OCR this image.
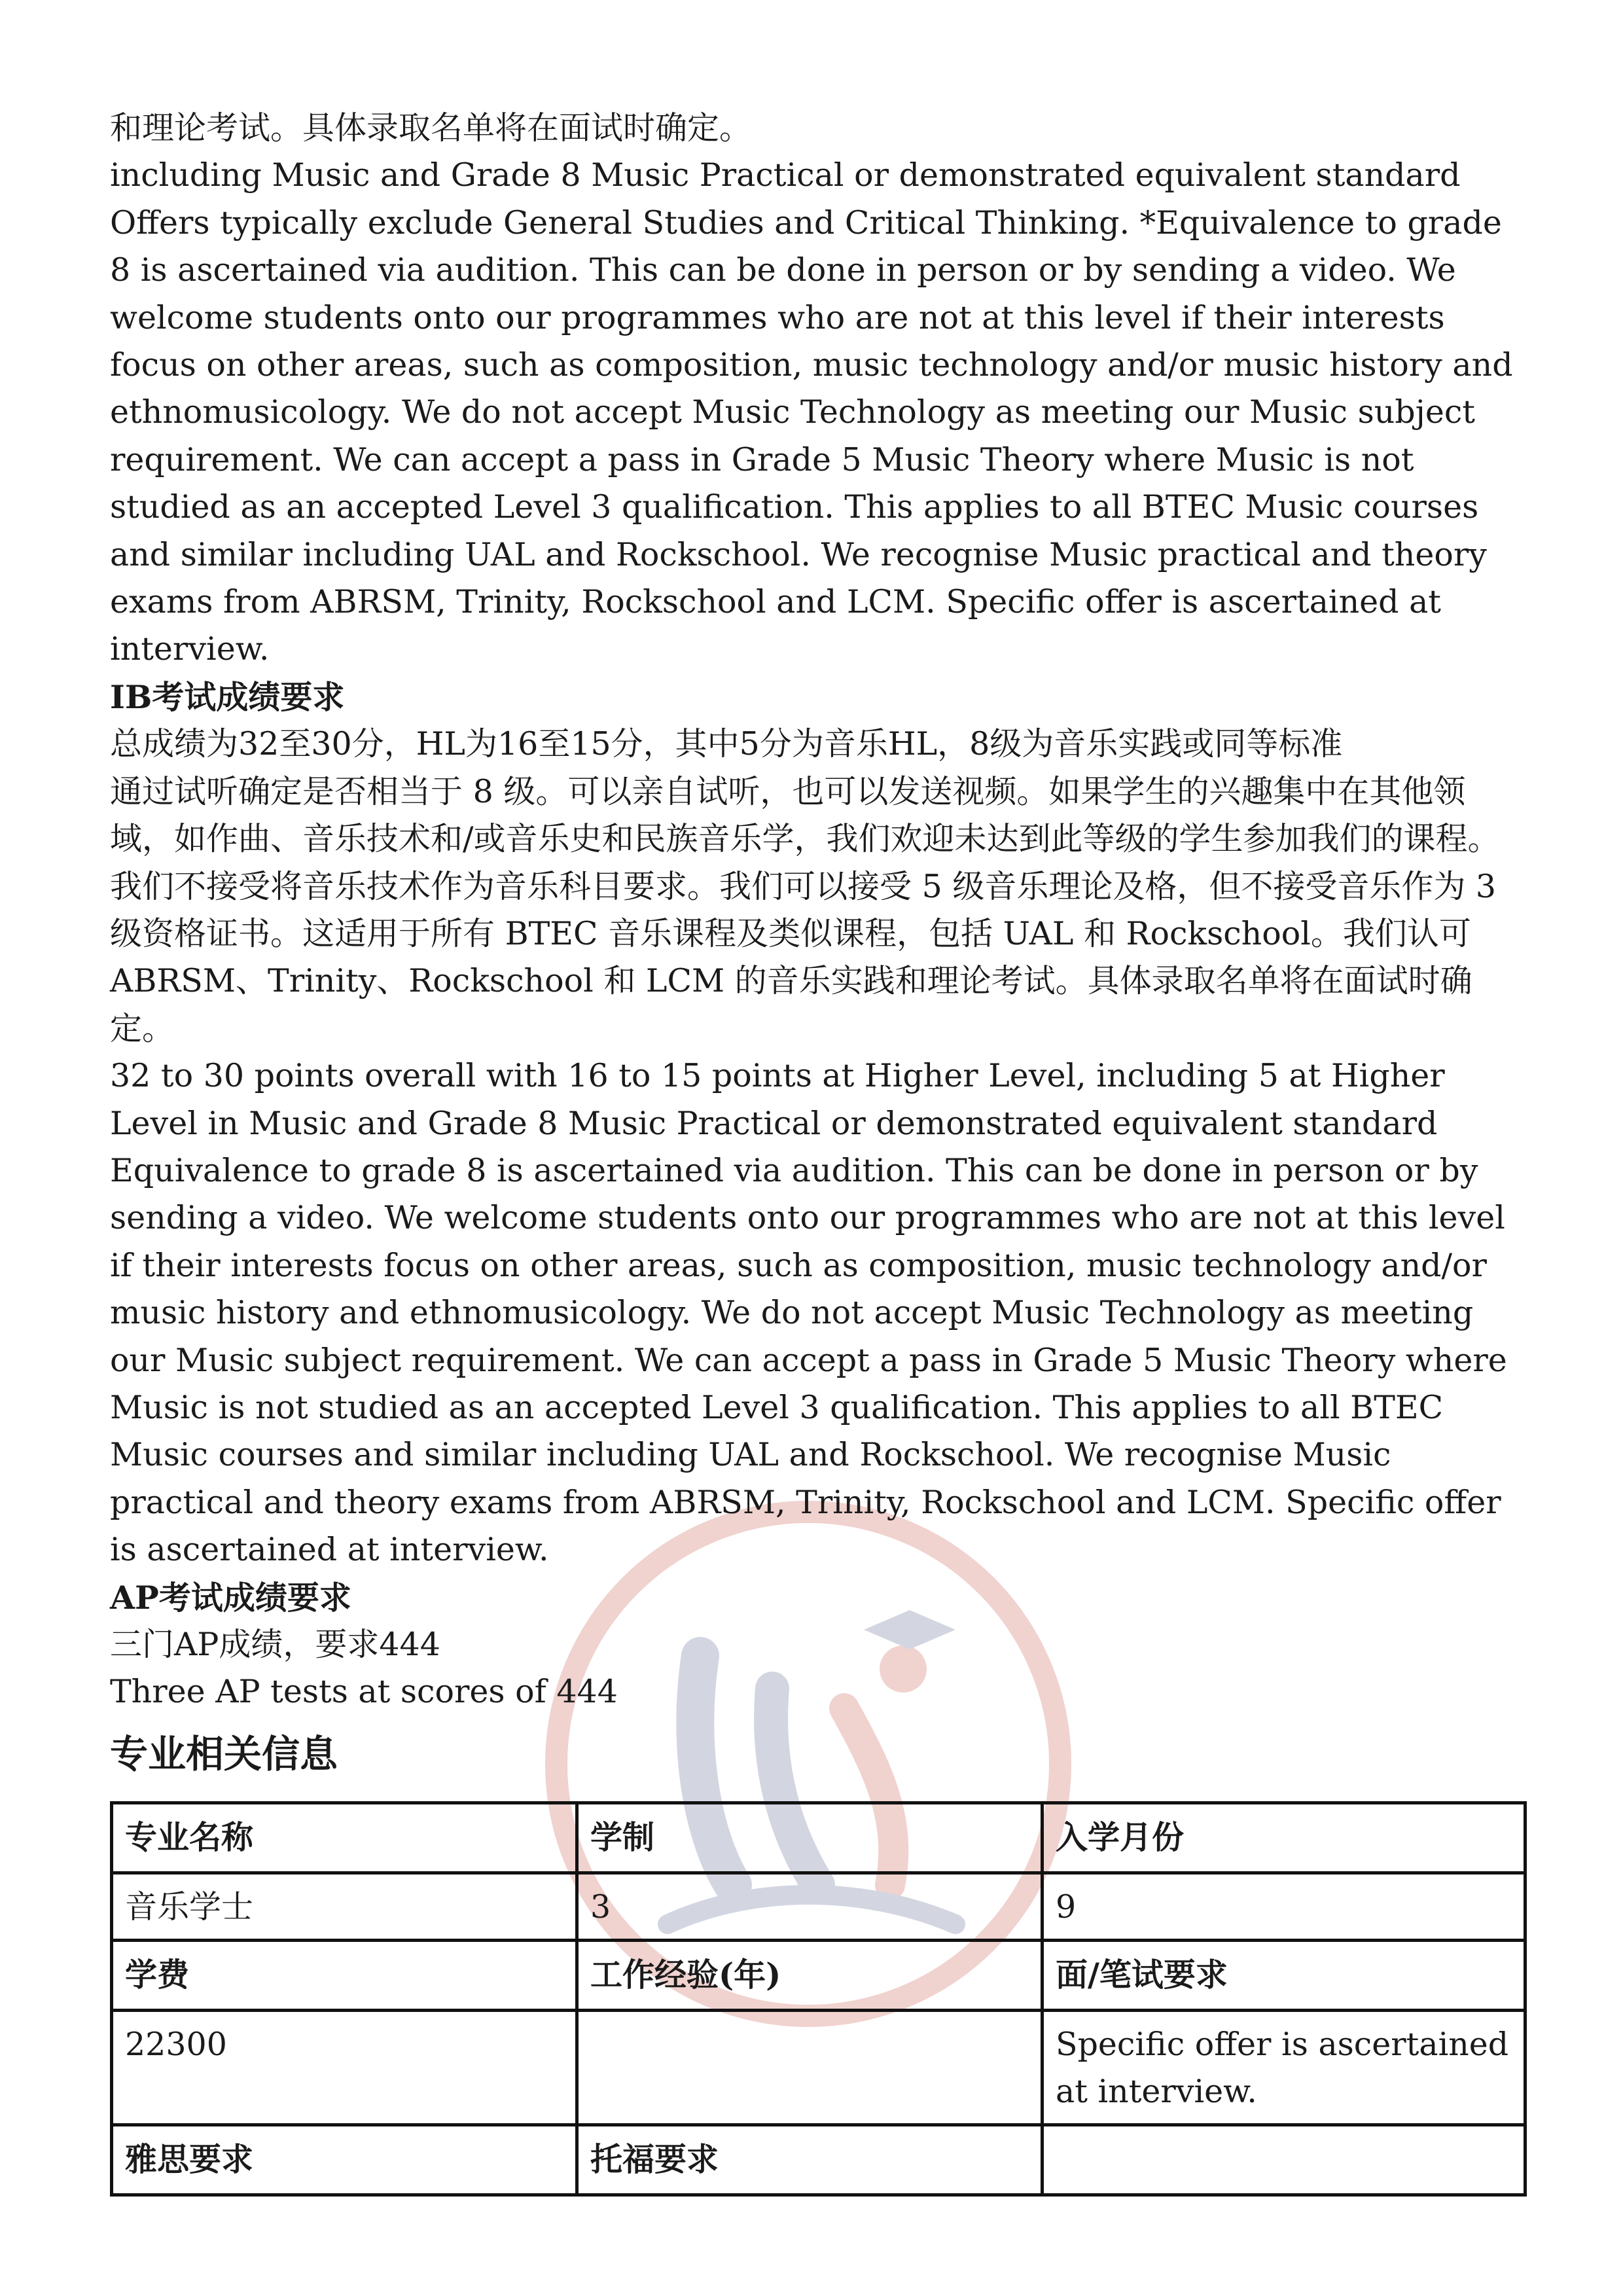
和理论考试。具体录取名单将在面试时确定。

including Music and Grade 8 Music Practical or demonstrated equivalent standard

Offers typically exclude General Studies and Critical Thinking. *Equivalence to grade 8 is ascertained via audition. This can be done in person or by sending a video. We welcome students onto our programmes who are not at this level if their interests focus on other areas, such as composition, music technology and/or music history and ethnomusicology. We do not accept Music Technology as meeting our Music subject requirement. We can accept a pass in Grade 5 Music Theory where Music is not studied as an accepted Level 3 qualification. This applies to all BTEC Music courses and similar including UAL and Rockschool. We recognise Music practical and theory exams from ABRSM, Trinity, Rockschool and LCM. Specific offer is ascertained at interview.

IB考试成绩要求

总成绩为32至30分，HL为16至15分，其中5分为音乐HL，8级为音乐实践或同等标准

通过试听确定是否相当于 8 级。可以亲自试听，也可以发送视频。如果学生的兴趣集中在其他领域，如作曲、音乐技术和/或音乐史和民族音乐学，我们欢迎未达到此等级的学生参加我们的课程。我们不接受将音乐技术作为音乐科目要求。我们可以接受 5 级音乐理论及格，但不接受音乐作为 3 级资格证书。这适用于所有 BTEC 音乐课程及类似课程，包括 UAL 和 Rockschool。我们认可 ABRSM、Trinity、Rockschool 和 LCM 的音乐实践和理论考试。具体录取名单将在面试时确定。

32 to 30 points overall with 16 to 15 points at Higher Level, including 5 at Higher Level in Music and Grade 8 Music Practical or demonstrated equivalent standard

Equivalence to grade 8 is ascertained via audition. This can be done in person or by sending a video. We welcome students onto our programmes who are not at this level if their interests focus on other areas, such as composition, music technology and/or music history and ethnomusicology. We do not accept Music Technology as meeting our Music subject requirement. We can accept a pass in Grade 5 Music Theory where Music is not studied as an accepted Level 3 qualification. This applies to all BTEC Music courses and similar including UAL and Rockschool. We recognise Music practical and theory exams from ABRSM, Trinity, Rockschool and LCM. Specific offer is ascertained at interview.

AP考试成绩要求

三门AP成绩，要求444

Three AP tests at scores of 444

专业相关信息
专业名称	学制	入学月份
音乐学士	3	9
学费	工作经验(年)	面/笔试要求
22300		Specific offer is ascertained at interview.
雅思要求	托福要求	
